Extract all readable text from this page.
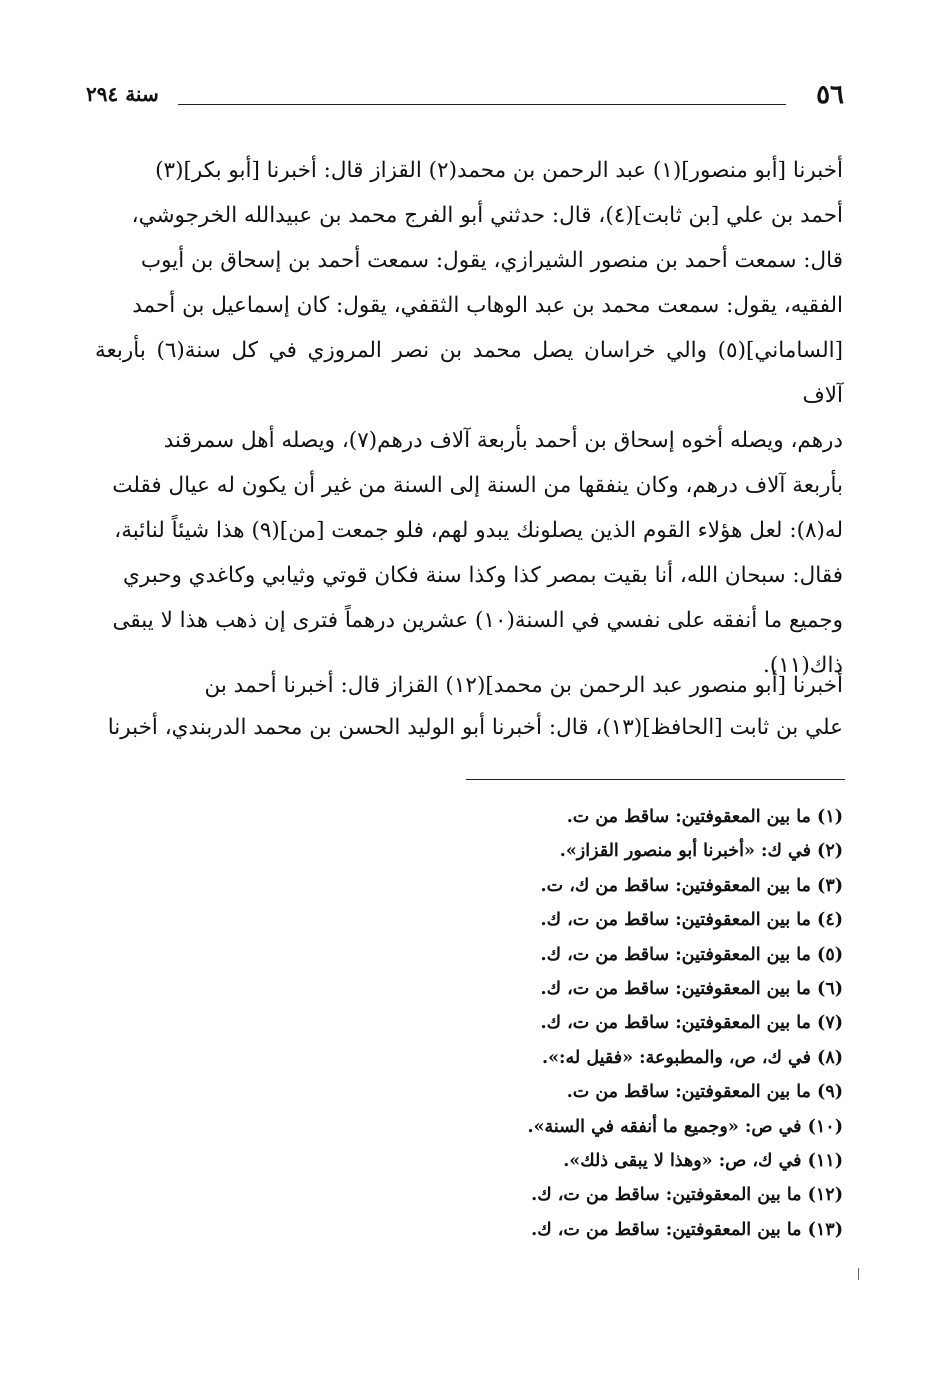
٥٦
سنة ٢٩٤

أخبرنا [أبو منصور](١) عبد الرحمن بن محمد(٢) القزاز قال: أخبرنا [أبو بكر](٣)

أحمد بن علي [بن ثابت](٤)، قال: حدثني أبو الفرج محمد بن عبيدالله الخرجوشي،

قال: سمعت أحمد بن منصور الشيرازي، يقول: سمعت أحمد بن إسحاق بن أيوب

الفقيه، يقول: سمعت محمد بن عبد الوهاب الثقفي، يقول: كان إسماعيل بن أحمد

[الساماني](٥) والي خراسان يصل محمد بن نصر المروزي في كل سنة(٦) بأربعة آلاف

درهم، ويصله أخوه إسحاق بن أحمد بأربعة آلاف درهم(٧)، ويصله أهل سمرقند

بأربعة آلاف درهم، وكان ينفقها من السنة إلى السنة من غير أن يكون له عيال فقلت

له(٨): لعل هؤلاء القوم الذين يصلونك يبدو لهم، فلو جمعت [من](٩) هذا شيئاً لنائبة،

فقال: سبحان الله، أنا بقيت بمصر كذا وكذا سنة فكان قوتي وثيابي وكاغدي وحبري

وجميع ما أنفقه على نفسي في السنة(١٠) عشرين درهماً فترى إن ذهب هذا لا يبقى

ذاك(١١).

أخبرنا [أبو منصور عبد الرحمن بن محمد](١٢) القزاز قال: أخبرنا أحمد بن

علي بن ثابت [الحافظ](١٣)، قال: أخبرنا أبو الوليد الحسن بن محمد الدربندي، أخبرنا

(١) ما بين المعقوفتين: ساقط من ت.
(٢) في ك: «أخبرنا أبو منصور القزاز».
(٣) ما بين المعقوفتين: ساقط من ك، ت.
(٤) ما بين المعقوفتين: ساقط من ت، ك.
(٥) ما بين المعقوفتين: ساقط من ت، ك.
(٦) ما بين المعقوفتين: ساقط من ت، ك.
(٧) ما بين المعقوفتين: ساقط من ت، ك.
(٨) في ك، ص، والمطبوعة: «فقيل له:».
(٩) ما بين المعقوفتين: ساقط من ت.
(١٠) في ص: «وجميع ما أنفقه في السنة».
(١١) في ك، ص: «وهذا لا يبقى ذلك».
(١٢) ما بين المعقوفتين: ساقط من ت، ك.
(١٣) ما بين المعقوفتين: ساقط من ت، ك.
